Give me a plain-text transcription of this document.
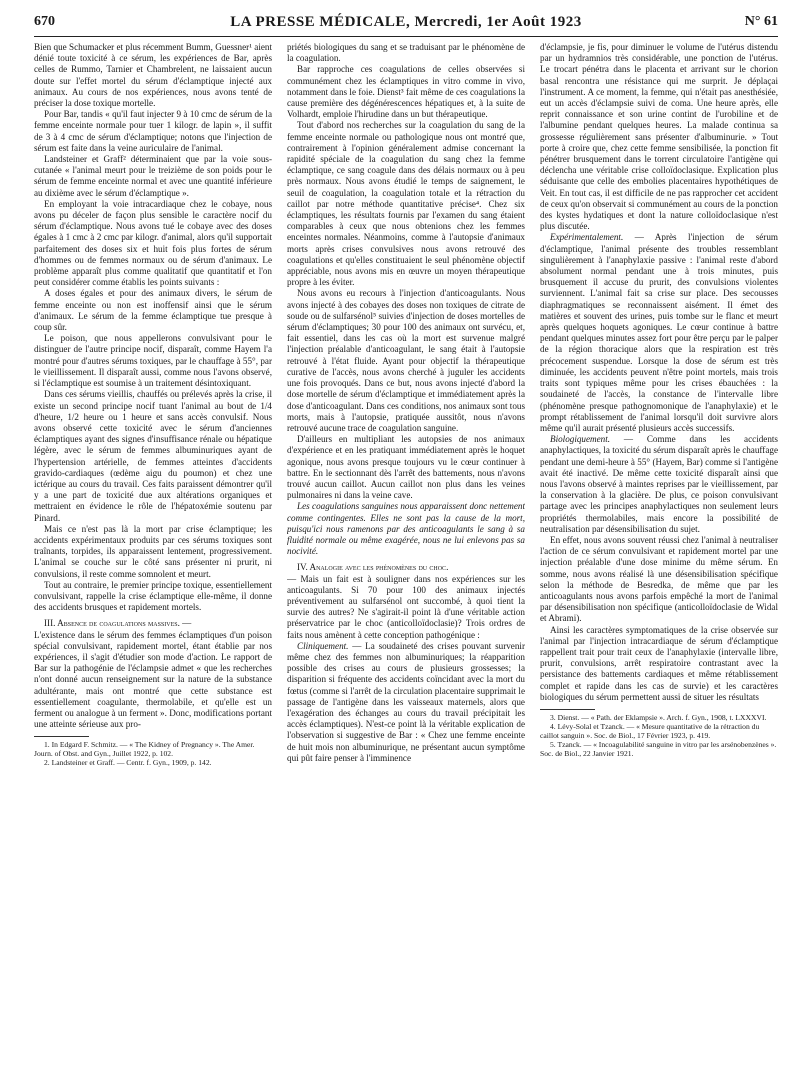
670	LA PRESSE MÉDICALE, Mercredi, 1er Août 1923	N° 61

Bien que Schumacker et plus récemment Bumm, Guessner¹ aient dénié toute toxicité à ce sérum, les expériences de Bar, après celles de Rummo, Tarnier et Chambrelent, ne laissaient aucun doute sur l'effet mortel du sérum d'éclamptique injecté aux animaux. Au cours de nos expériences, nous avons tenté de préciser la dose toxique mortelle.

Pour Bar, tandis « qu'il faut injecter 9 à 10 cmc de sérum de la femme enceinte normale pour tuer 1 kilogr. de lapin », il suffit de 3 à 4 cmc de sérum d'éclamptique; notons que l'injection de sérum est faite dans la veine auriculaire de l'animal.

Landsteiner et Graff² déterminaient que par la voie sous-cutanée « l'animal meurt pour le treizième de son poids pour le sérum de femme enceinte normal et avec une quantité inférieure au dixième avec le sérum d'éclamptique ».

En employant la voie intracardiaque chez le cobaye, nous avons pu déceler de façon plus sensible le caractère nocif du sérum d'éclamptique. Nous avons tué le cobaye avec des doses égales à 1 cmc à 2 cmc par kilogr. d'animal, alors qu'il supportait parfaitement des doses six et huit fois plus fortes de sérum d'hommes ou de femmes normaux ou de sérum d'animaux. Le problème apparaît plus comme qualitatif que quantitatif et l'on peut considérer comme établis les points suivants :

A doses égales et pour des animaux divers, le sérum de femme enceinte ou non est inoffensif ainsi que le sérum d'animaux. Le sérum de la femme éclamptique tue presque à coup sûr.

Le poison, que nous appellerons convulsivant pour le distinguer de l'autre principe nocif, disparaît, comme Hayem l'a montré pour d'autres sérums toxiques, par le chauffage à 55°, par le vieillissement. Il disparaît aussi, comme nous l'avons observé, si l'éclamptique est soumise à un traitement désintoxiquant.

Dans ces sérums vieillis, chauffés ou prélevés après la crise, il existe un second principe nocif tuant l'animal au bout de 1/4 d'heure, 1/2 heure ou 1 heure et sans accès convulsif. Nous avons observé cette toxicité avec le sérum d'anciennes éclamptiques ayant des signes d'insuffisance rénale ou hépatique légère, avec le sérum de femmes albuminuriques ayant de l'hypertension artérielle, de femmes atteintes d'accidents gravido-cardiaques (œdème aigu du poumon) et chez une ictérique au cours du travail. Ces faits paraissent démontrer qu'il y a une part de toxicité due aux altérations organiques et mettraient en évidence le rôle de l'hépatoxémie soutenu par Pinard.

Mais ce n'est pas là la mort par crise éclamptique; les accidents expérimentaux produits par ces sérums toxiques sont traînants, torpides, ils apparaissent lentement, progressivement. L'animal se couche sur le côté sans présenter ni prurit, ni convulsions, il reste comme somnolent et meurt.

Tout au contraire, le premier principe toxique, essentiellement convulsivant, rappelle la crise éclamptique elle-même, il donne des accidents brusques et rapidement mortels.

III. Absence de coagulations massives. —

L'existence dans le sérum des femmes éclamptiques d'un poison spécial convulsivant, rapidement mortel, étant établie par nos expériences, il s'agit d'étudier son mode d'action. Le rapport de Bar sur la pathogénie de l'éclampsie admet « que les recherches n'ont donné aucun renseignement sur la nature de la substance adultérante, mais ont montré que cette substance est essentiellement coagulante, thermolabile, et qu'elle est un ferment ou analogue à un ferment ». Donc, modifications portant une atteinte sérieuse aux pro-

1. In Edgard F. Schmitz. — « The Kidney of Pregnancy ». The Amer. Journ. of Obst. and Gyn., Juillet 1922, p. 102.

2. Landsteiner et Graff. — Centr. f. Gyn., 1909, p. 142.

priétés biologiques du sang et se traduisant par le phénomène de la coagulation.

Bar rapproche ces coagulations de celles observées si communément chez les éclamptiques in vitro comme in vivo, notamment dans le foie. Dienst³ fait même de ces coagulations la cause première des dégénérescences hépatiques et, à la suite de Volhardt, emploie l'hirudine dans un but thérapeutique.

Tout d'abord nos recherches sur la coagulation du sang de la femme enceinte normale ou pathologique nous ont montré que, contrairement à l'opinion généralement admise concernant la rapidité spéciale de la coagulation du sang chez la femme éclamptique, ce sang coagule dans des délais normaux ou à peu près normaux. Nous avons étudié le temps de saignement, le seuil de coagulation, la coagulation totale et la rétraction du caillot par notre méthode quantitative précise⁴. Chez six éclamptiques, les résultats fournis par l'examen du sang étaient comparables à ceux que nous obtenions chez les femmes enceintes normales. Néanmoins, comme à l'autopsie d'animaux morts après crises convulsives nous avons retrouvé des coagulations et qu'elles constituaient le seul phénomène objectif appréciable, nous avons mis en œuvre un moyen thérapeutique propre à les éviter.

Nous avons eu recours à l'injection d'anticoagulants. Nous avons injecté à des cobayes des doses non toxiques de citrate de soude ou de sulfarsénol⁵ suivies d'injection de doses mortelles de sérum d'éclamptiques; 30 pour 100 des animaux ont survécu, et, fait essentiel, dans les cas où la mort est survenue malgré l'injection préalable d'anticoagulant, le sang était à l'autopsie retrouvé à l'état fluide. Ayant pour objectif la thérapeutique curative de l'accès, nous avons cherché à juguler les accidents une fois provoqués. Dans ce but, nous avons injecté d'abord la dose mortelle de sérum d'éclamptique et immédiatement après la dose d'anticoagulant. Dans ces conditions, nos animaux sont tous morts, mais à l'autopsie, pratiquée aussitôt, nous n'avons retrouvé aucune trace de coagulation sanguine.

D'ailleurs en multipliant les autopsies de nos animaux d'expérience et en les pratiquant immédiatement après le hoquet agonique, nous avons presque toujours vu le cœur continuer à battre. En le sectionnant dès l'arrêt des battements, nous n'avons trouvé aucun caillot. Aucun caillot non plus dans les veines pulmonaires ni dans la veine cave.

Les coagulations sanguines nous apparaissent donc nettement comme contingentes. Elles ne sont pas la cause de la mort, puisqu'ici nous ramenons par des anticoagulants le sang à sa fluidité normale ou même exagérée, nous ne lui enlevons pas sa nocivité.

IV. Analogie avec les phénomènes du choc.

— Mais un fait est à souligner dans nos expériences sur les anticoagulants. Si 70 pour 100 des animaux injectés préventivement au sulfarsénol ont succombé, à quoi tient la survie des autres? Ne s'agirait-il point là d'une véritable action préservatrice par le choc (anticolloïdoclasie)? Trois ordres de faits nous amènent à cette conception pathogénique :

Cliniquement. — La soudaineté des crises pouvant survenir même chez des femmes non albuminuriques; la réapparition possible des crises au cours de plusieurs grossesses; la disparition si fréquente des accidents coïncidant avec la mort du fœtus (comme si l'arrêt de la circulation placentaire supprimait le passage de l'antigène dans les vaisseaux maternels, alors que l'exagération des échanges au cours du travail précipitait les accès éclamptiques). N'est-ce point là la véritable explication de l'observation si suggestive de Bar : « Chez une femme enceinte de huit mois non albuminurique, ne présentant aucun symptôme qui pût faire penser à l'imminence

d'éclampsie, je fis, pour diminuer le volume de l'utérus distendu par un hydramnios très considérable, une ponction de l'utérus. Le trocart pénétra dans le placenta et arrivant sur le chorion basal rencontra une résistance qui me surprit. Je déplaçai l'instrument. A ce moment, la femme, qui n'était pas anesthésiée, eut un accès d'éclampsie suivi de coma. Une heure après, elle reprit connaissance et son urine contint de l'urobiline et de l'albumine pendant quelques heures. La malade continua sa grossesse régulièrement sans présenter d'albuminurie. » Tout porte à croire que, chez cette femme sensibilisée, la ponction fit pénétrer brusquement dans le torrent circulatoire l'antigène qui déclencha une véritable crise colloïdoclasique. Explication plus séduisante que celle des embolies placentaires hypothétiques de Veit. En tout cas, il est difficile de ne pas rapprocher cet accident de ceux qu'on observait si communément au cours de la ponction des kystes hydatiques et dont la nature colloïdoclasique n'est plus discutée.

Expérimentalement. — Après l'injection de sérum d'éclamptique, l'animal présente des troubles ressemblant singulièrement à l'anaphylaxie passive : l'animal reste d'abord absolument normal pendant une à trois minutes, puis brusquement il accuse du prurit, des convulsions violentes surviennent. L'animal fait sa crise sur place. Des secousses diaphragmatiques se reconnaissent aisément. Il émet des matières et souvent des urines, puis tombe sur le flanc et meurt après quelques hoquets agoniques. Le cœur continue à battre pendant quelques minutes assez fort pour être perçu par le palper de la région thoracique alors que la respiration est très précocement suspendue. Lorsque la dose de sérum est très diminuée, les accidents peuvent n'être point mortels, mais trois traits sont typiques même pour les crises ébauchées : la soudaineté de l'accès, la constance de l'intervalle libre (phénomène presque pathognomonique de l'anaphylaxie) et le prompt rétablissement de l'animal lorsqu'il doit survivre alors même qu'il aurait présenté plusieurs accès successifs.

Biologiquement. — Comme dans les accidents anaphylactiques, la toxicité du sérum disparaît après le chauffage pendant une demi-heure à 55° (Hayem, Bar) comme si l'antigène avait été inactivé. De même cette toxicité disparaît ainsi que nous l'avons observé à maintes reprises par le vieillissement, par la conservation à la glacière. De plus, ce poison convulsivant partage avec les principes anaphylactiques non seulement leurs propriétés thermolabiles, mais encore la possibilité de neutralisation par désensibilisation du sujet.

En effet, nous avons souvent réussi chez l'animal à neutraliser l'action de ce sérum convulsivant et rapidement mortel par une injection préalable d'une dose minime du même sérum. En somme, nous avons réalisé là une désensibilisation spécifique selon la méthode de Besredka, de même que par les anticoagulants nous avons parfois empêché la mort de l'animal par désensibilisation non spécifique (anticolloïdoclasie de Widal et Abrami).

Ainsi les caractères symptomatiques de la crise observée sur l'animal par l'injection intracardiaque de sérum d'éclamptique rappellent trait pour trait ceux de l'anaphylaxie (intervalle libre, prurit, convulsions, arrêt respiratoire contrastant avec la persistance des battements cardiaques et même rétablissement complet et rapide dans les cas de survie) et les caractères biologiques du sérum permettent aussi de situer les résultats

3. Dienst. — « Path. der Eklampsie ». Arch. f. Gyn., 1908, t. LXXXVI.

4. Lévy-Solal et Tzanck. — « Mesure quantitative de la rétraction du caillot sanguin ». Soc. de Biol., 17 Février 1923, p. 419.

5. Tzanck. — « Incoagulabilité sanguine in vitro par les arsénobenzènes ». Soc. de Biol., 22 Janvier 1921.
